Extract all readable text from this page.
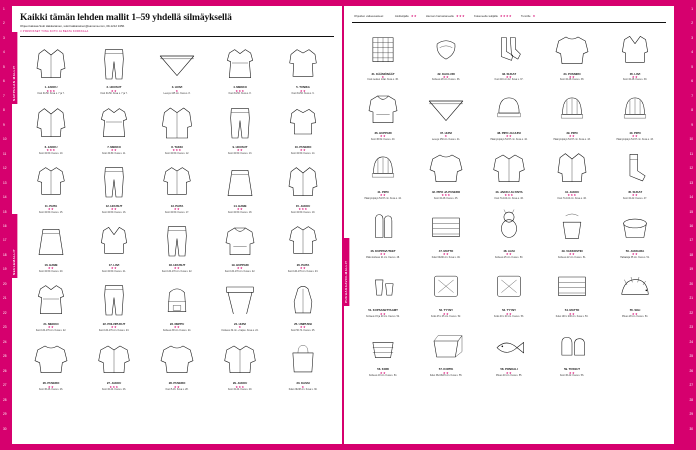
1
2
3
4
5
6
7
8
9
10
11
12
13
14
15
16
17
18
19
20
21
22
23
24
25
26
27
28
29
30
NAPPULAN MALLIT
NEULEMALLIT
Kaikki tämän lehden mallit 1–59 yhdellä silmäyksellä

Ohjeet kaksaa Suki Hakkarainen, suki.hakkarainen@sanoma.com, 09-1212 3456.

// PIIRROKSET TIINA KOTO JA BEATA KORKKALA

1. JAKKU
★★★
Koot 34-50. Kuva s. 7 ja 7.
2. HOUSUT
★★
Koot 34-50. Kuva s. 7 ja 7.
3. HUIVI
★
Leveys 105 cm. Kuva s. 8.
4. MEKKO
★★★
Koot 34-50. Kuva s. 8.
5. TUNIKA
★★
Koot 34-50. Kuva s. 9.
6. JAKKU
★★★
Koot 34-50. Kuva s. 10.
7. MEKKO
★★
Koot 34-50. Kuva s. 11.
8. TAKKI
★★★
Koot 34-50. Kuva s. 12.
9. HOUSUT
★★
Koot 34-50. Kuva s. 13.
10. PUSERO
★★
Koot 34-50. Kuva s. 14.
11. PAITA
★★
Koot 34-50. Kuva s. 15.
12. HOUSUT
★★
Koot 34-50. Kuva s. 16.
13. PAITA
★★
Koot 34-50. Kuva s. 17.
14. HAME
★★
Koot 34-50. Kuva s. 18.
15. JAKKU
★★★
Koot 34-50. Kuva s. 19.
16. HAME
★★
Koot 34-50. Kuva s. 20.
17. LIIVI
★★
Koot 34-50. Kuva s. 21.
18. HOUSUT
★★
Koot 134-170 cm. Kuva s. 22.
19. HUPPARI
★★
Koot 134-170 cm. Kuva s. 22.
20. PAITA
★★
Koot 140-176 cm. Kuva s. 23.
21. MEKKO
★★
Koot 134-176 cm. Kuva s. 22.
22. POLVIPUKUT
★★
Koot 134-176 cm. Kuva s. 23.
23. REPPU
★★
Korkeus 38 cm. Kuva s. 24.
24. HUIVI
★
Korkeus 32 cm + hapsu. Kuva s. 24.
25. UNIPUSSI
★★
Koot 50-74. Kuva s. 25.
26. PUSERO
★★
Koot 36-46. Kuva s. 26.
27. JAKKU
★★★
Koot 32-44. Kuva s. 26.
28. PUSERO
★★
Koot 5-16. Kuva s. 28.
29. JAKKU
★★★
Koot 34-44. Kuva s. 29.
30. KASSI
★
Koko 29x38 cm. Kuva s. 30.
PUUHAKAAVIO-MALLIT
Ohjeiden vaikeusasteet:	Aloittelijalle ★★	Hieman harrastaneelle ★★★	Kokeneelle tekijälle ★★★★	Tunnille ★
31. KÄÄMÖNÄÄT
★
Koot neulien mitat. Kuva s. 36.
32. KAULURI
★★
Korkeus 28 cm. Kuva s. 36.
33. SUKAT
★★
Koot 116 cm 12. Kuva s. 37.
34. PUSSIRO
★★
Koot 34-48. Kuva s. 38.
35. LIIVI
★★
Koot 34-48. Kuva s. 39.
36. HUPPARI
★★
Koot 36-52. Kuva s. 40.
37. HUIVI
★
Leveys 250 cm. Kuva s. 41.
38. PIPO JA HUIVI
★★
Päänympärys 54-57 cm. Kuva s. 42.
39. PIPO
★★
Päänympärys 54-57 cm. Kuva s. 43.
40. PIPO
★★
Päänympärys 54-57 cm. Kuva s. 43.
41. PIPO
★★
Päänympärys 54-57 cm. Kuva s. 44.
42. PIPO JA PUSERO
★★★
Koot 34-48. Kuva s. 45.
43. JAKKU JA PAITA
★★★
Koot 74-104 cm. Kuva s. 46.
44. JAKKU
★★★
Koot 74-104 cm. Kuva s. 46.
45. SUKAT
★★
Koot 34-42. Kuva s. 47.
46. KUPPAVUTEET
★★
Pään korkeus 21 cm. Kuva s. 48.
47. MATTO
★★
Koko 60x90 cm. Kuva s. 49.
48. AASI
★★
Korkeus 25 cm. Kuva s. 50.
49. VAKKOSTIN
★★
Korkeus 22 cm. Kuva s. 51.
50. JAKKARA
★★
Halkaisija 35 cm. Kuva s. 51.
51. KUPSASETTAAMT
★★
Korkeus 15 ja 20 cm. Kuva s. 52.
52. TYYNY
★★
Koko 45 x 45 cm. Kuva s. 52.
53. TYYNY
★★
Koko 40 x 40 cm. Kuva s. 53.
54. MATTO
★★
Koko 100 x 200 cm. Kuva s. 53.
55. SIILI
★★
Pituus 28 cm. Kuva s. 54.
56. KORI
★★
Korkeus 18 cm. Kuva s. 54.
57. KOPPA
★★
Koko 36x15x15 cm. Kuva s. 55.
58. PONKALI
★★
Pituus 40 cm. Kuva s. 55.
59. TOSSUT
★★
Koot 36-42. Kuva s. 56.
1
2
3
4
5
6
7
8
9
10
11
12
13
14
15
16
17
18
19
20
21
22
23
24
25
26
27
28
29
30
